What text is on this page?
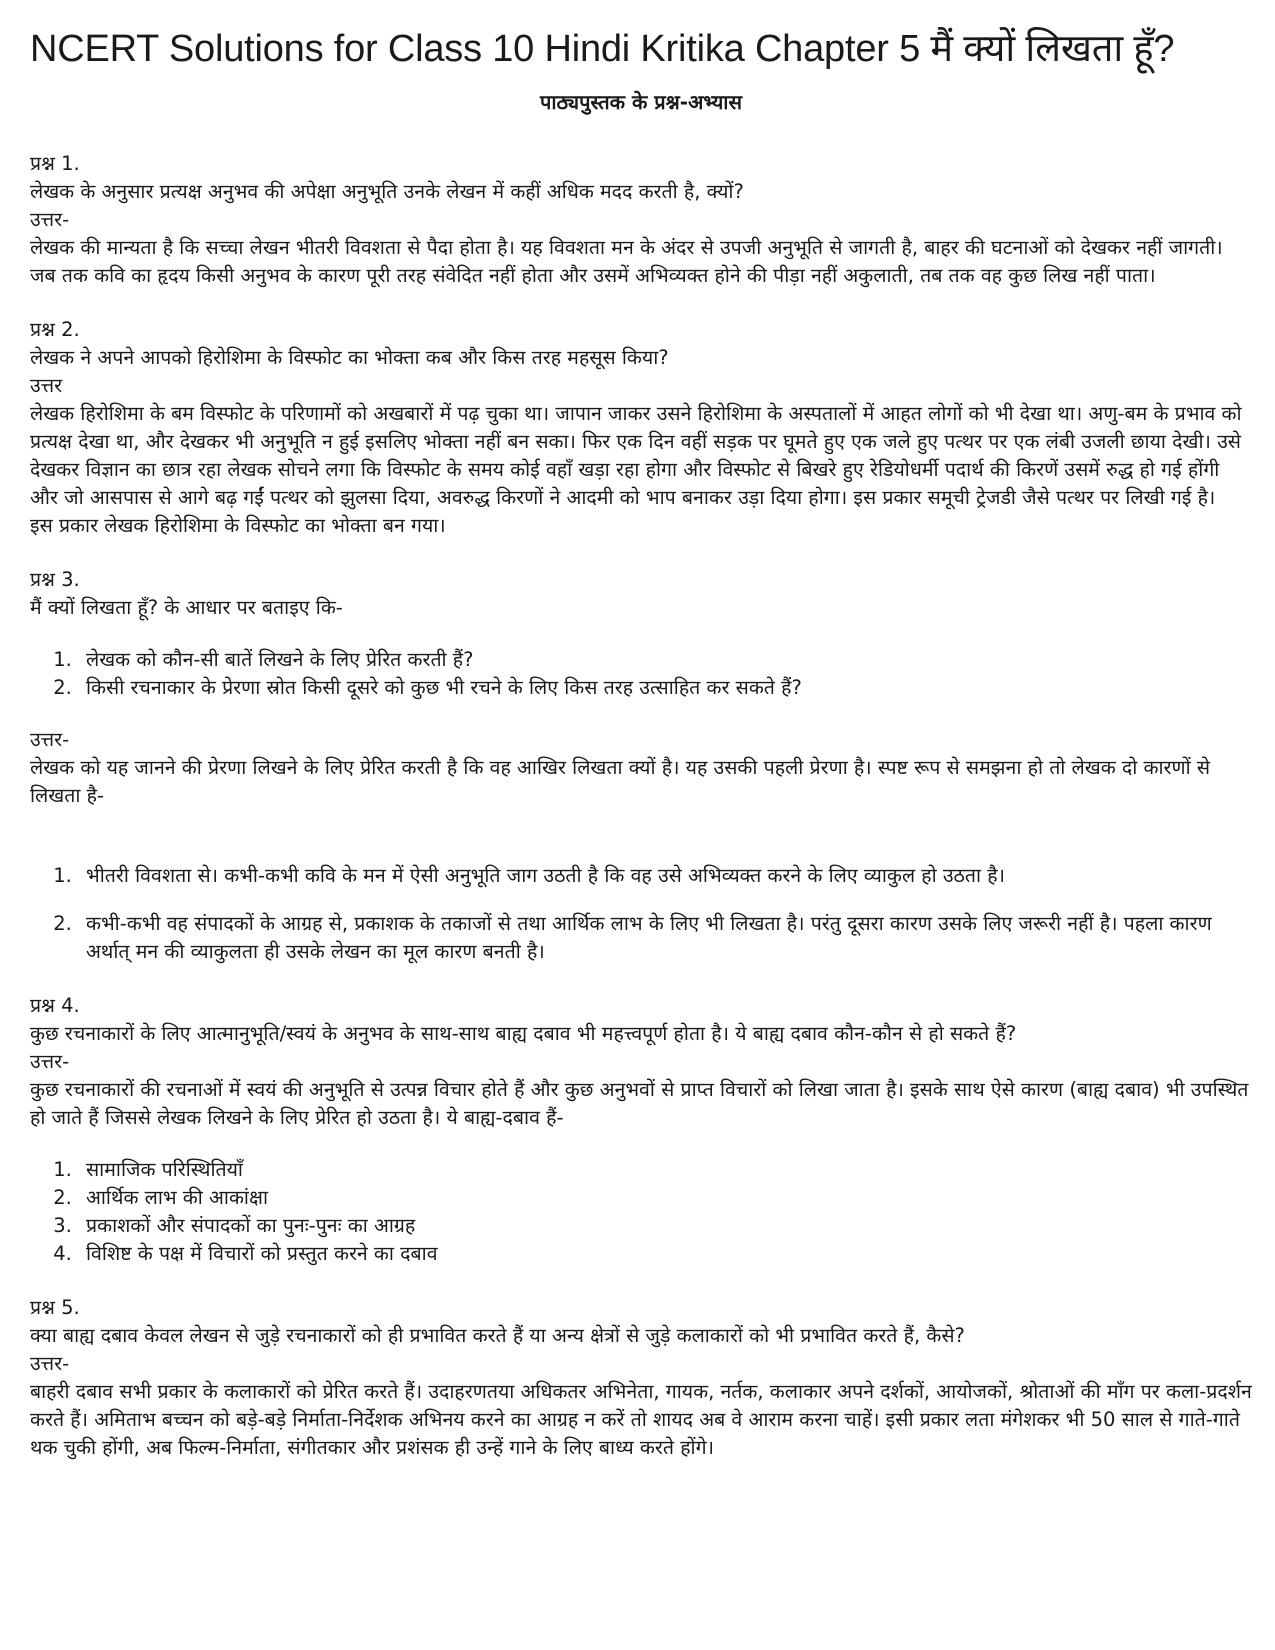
NCERT Solutions for Class 10 Hindi Kritika Chapter 5 मैं क्यों लिखता हूँ?
पाठ्यपुस्तक के प्रश्न-अभ्यास

प्रश्न 1.

लेखक के अनुसार प्रत्यक्ष अनुभव की अपेक्षा अनुभूति उनके लेखन में कहीं अधिक मदद करती है, क्यों?

उत्तर-

लेखक की मान्यता है कि सच्चा लेखन भीतरी विवशता से पैदा होता है। यह विवशता मन के अंदर से उपजी अनुभूति से जागती है, बाहर की घटनाओं को देखकर नहीं जागती। जब तक कवि का हृदय किसी अनुभव के कारण पूरी तरह संवेदित नहीं होता और उसमें अभिव्यक्त होने की पीड़ा नहीं अकुलाती, तब तक वह कुछ लिख नहीं पाता।

प्रश्न 2.

लेखक ने अपने आपको हिरोशिमा के विस्फोट का भोक्ता कब और किस तरह महसूस किया?

उत्तर

लेखक हिरोशिमा के बम विस्फोट के परिणामों को अखबारों में पढ़ चुका था। जापान जाकर उसने हिरोशिमा के अस्पतालों में आहत लोगों को भी देखा था। अणु-बम के प्रभाव को प्रत्यक्ष देखा था, और देखकर भी अनुभूति न हुई इसलिए भोक्ता नहीं बन सका। फिर एक दिन वहीं सड़क पर घूमते हुए एक जले हुए पत्थर पर एक लंबी उजली छाया देखी। उसे देखकर विज्ञान का छात्र रहा लेखक सोचने लगा कि विस्फोट के समय कोई वहाँ खड़ा रहा होगा और विस्फोट से बिखरे हुए रेडियोधर्मी पदार्थ की किरणें उसमें रुद्ध हो गई होंगी और जो आसपास से आगे बढ़ गईं पत्थर को झुलसा दिया, अवरुद्ध किरणों ने आदमी को भाप बनाकर उड़ा दिया होगा। इस प्रकार समूची ट्रेजडी जैसे पत्थर पर लिखी गई है।

इस प्रकार लेखक हिरोशिमा के विस्फोट का भोक्ता बन गया।

प्रश्न 3.

मैं क्यों लिखता हूँ? के आधार पर बताइए कि-

1. लेखक को कौन-सी बातें लिखने के लिए प्रेरित करती हैं?
2. किसी रचनाकार के प्रेरणा स्रोत किसी दूसरे को कुछ भी रचने के लिए किस तरह उत्साहित कर सकते हैं?

उत्तर-

लेखक को यह जानने की प्रेरणा लिखने के लिए प्रेरित करती है कि वह आखिर लिखता क्यों है। यह उसकी पहली प्रेरणा है। स्पष्ट रूप से समझना हो तो लेखक दो कारणों से लिखता है-

1. भीतरी विवशता से। कभी-कभी कवि के मन में ऐसी अनुभूति जाग उठती है कि वह उसे अभिव्यक्त करने के लिए व्याकुल हो उठता है।
2. कभी-कभी वह संपादकों के आग्रह से, प्रकाशक के तकाजों से तथा आर्थिक लाभ के लिए भी लिखता है। परंतु दूसरा कारण उसके लिए जरूरी नहीं है। पहला कारण अर्थात् मन की व्याकुलता ही उसके लेखन का मूल कारण बनती है।

प्रश्न 4.

कुछ रचनाकारों के लिए आत्मानुभूति/स्वयं के अनुभव के साथ-साथ बाह्य दबाव भी महत्त्वपूर्ण होता है। ये बाह्य दबाव कौन-कौन से हो सकते हैं?

उत्तर-

कुछ रचनाकारों की रचनाओं में स्वयं की अनुभूति से उत्पन्न विचार होते हैं और कुछ अनुभवों से प्राप्त विचारों को लिखा जाता है। इसके साथ ऐसे कारण (बाह्य दबाव) भी उपस्थित हो जाते हैं जिससे लेखक लिखने के लिए प्रेरित हो उठता है। ये बाह्य-दबाव हैं-

1. सामाजिक परिस्थितियाँ
2. आर्थिक लाभ की आकांक्षा
3. प्रकाशकों और संपादकों का पुनः-पुनः का आग्रह
4. विशिष्ट के पक्ष में विचारों को प्रस्तुत करने का दबाव

प्रश्न 5.

क्या बाह्य दबाव केवल लेखन से जुड़े रचनाकारों को ही प्रभावित करते हैं या अन्य क्षेत्रों से जुड़े कलाकारों को भी प्रभावित करते हैं, कैसे?

उत्तर-

बाहरी दबाव सभी प्रकार के कलाकारों को प्रेरित करते हैं। उदाहरणतया अधिकतर अभिनेता, गायक, नर्तक, कलाकार अपने दर्शकों, आयोजकों, श्रोताओं की माँग पर कला-प्रदर्शन करते हैं। अमिताभ बच्चन को बड़े-बड़े निर्माता-निर्देशक अभिनय करने का आग्रह न करें तो शायद अब वे आराम करना चाहें। इसी प्रकार लता मंगेशकर भी 50 साल से गाते-गाते थक चुकी होंगी, अब फिल्म-निर्माता, संगीतकार और प्रशंसक ही उन्हें गाने के लिए बाध्य करते होंगे।
